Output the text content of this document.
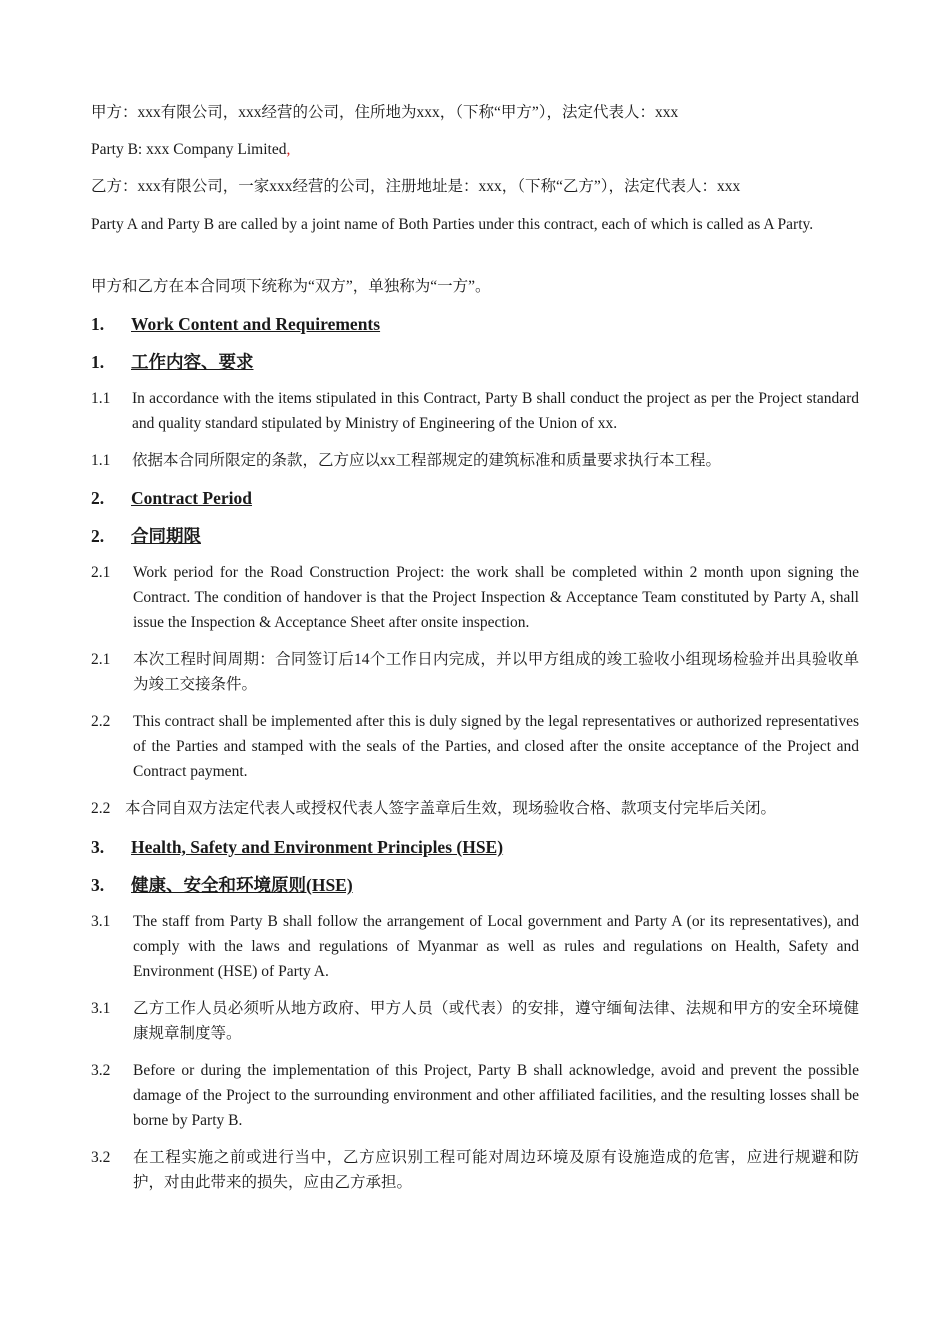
甲方：xxx有限公司，xxx经营的公司，住所地为xxx，（下称“甲方”），法定代表人：xxx

Party B: xxx Company Limited,

乙方：xxx有限公司，一家xxx经营的公司，注册地址是：xxx，（下称“乙方”），法定代表人：xxx

Party A and Party B are called by a joint name of Both Parties under this contract, each of which is called as A Party.

甲方和乙方在本合同项下统称为“双方”，单独称为“一方”。

1. Work Content and Requirements

1. 工作内容、要求

1.1	In accordance with the items stipulated in this Contract, Party B shall conduct the project as per the Project standard and quality standard stipulated by Ministry of Engineering of the Union of xx.
1.1	依据本合同所限定的条款，乙方应以xx工程部规定的建筑标准和质量要求执行本工程。

2. Contract Period

2. 合同期限

2.1	Work period for the Road Construction Project: the work shall be completed within 2 month upon signing the Contract. The condition of handover is that the Project Inspection & Acceptance Team constituted by Party A, shall issue the Inspection & Acceptance Sheet after onsite inspection.
2.1	本次工程时间周期：合同签订后14个工作日内完成，并以甲方组成的竣工验收小组现场检验并出具验收单为竣工交接条件。
2.2	This contract shall be implemented after this is duly signed by the legal representatives or authorized representatives of the Parties and stamped with the seals of the Parties, and closed after the onsite acceptance of the Project and Contract payment.
2.2 本合同自双方法定代表人或授权代表人签字盖章后生效，现场验收合格、款项支付完毕后关闭。

3. Health, Safety and Environment Principles (HSE)

3. 健康、安全和环境原则(HSE)

3.1	The staff from Party B shall follow the arrangement of Local government and Party A (or its representatives), and comply with the laws and regulations of Myanmar as well as rules and regulations on Health, Safety and Environment (HSE) of Party A.
3.1	乙方工作人员必须听从地方政府、甲方人员（或代表）的安排，遵守缅甸法律、法规和甲方的安全环境健康规章制度等。
3.2	Before or during the implementation of this Project, Party B shall acknowledge, avoid and prevent the possible damage of the Project to the surrounding environment and other affiliated facilities, and the resulting losses shall be borne by Party B.
3.2	在工程实施之前或进行当中，乙方应识别工程可能对周边环境及原有设施造成的危害，应进行规避和防护，对由此带来的损失，应由乙方承担。
